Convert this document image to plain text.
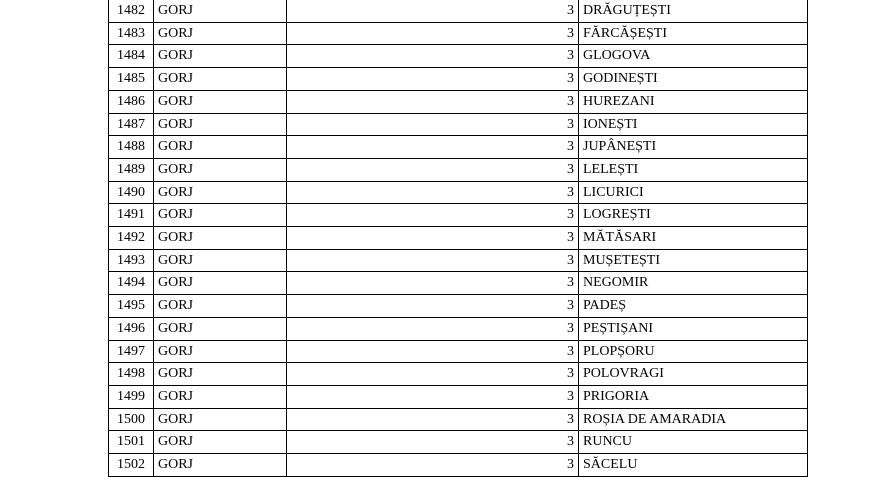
1482	GORJ	3	DRĂGUȚEȘTI	
1483	GORJ	3	FĂRCĂȘEȘTI	
1484	GORJ	3	GLOGOVA	
1485	GORJ	3	GODINEȘTI	
1486	GORJ	3	HUREZANI	
1487	GORJ	3	IONEȘTI	
1488	GORJ	3	JUPÂNEȘTI	
1489	GORJ	3	LELEȘTI	
1490	GORJ	3	LICURICI	
1491	GORJ	3	LOGREȘTI	
1492	GORJ	3	MĂTĂSARI	
1493	GORJ	3	MUȘETEȘTI	
1494	GORJ	3	NEGOMIR	
1495	GORJ	3	PADEȘ	
1496	GORJ	3	PEȘTIȘANI	
1497	GORJ	3	PLOPȘORU	
1498	GORJ	3	POLOVRAGI	
1499	GORJ	3	PRIGORIA	
1500	GORJ	3	ROȘIA DE AMARADIA	
1501	GORJ	3	RUNCU	
1502	GORJ	3	SĂCELU	
